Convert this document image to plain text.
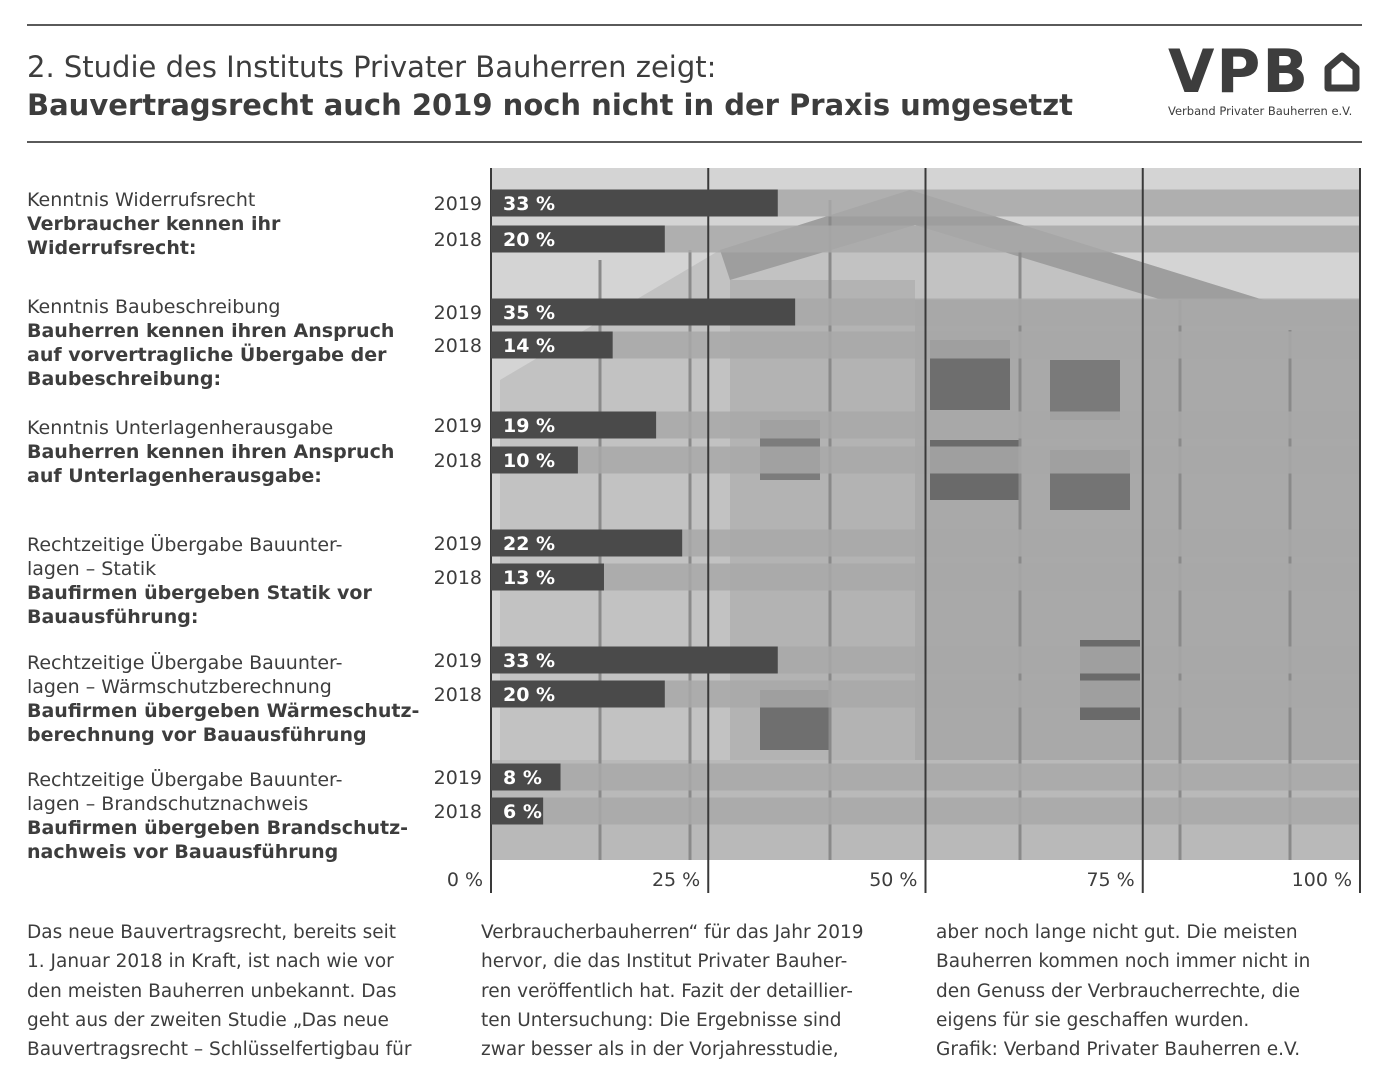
2. Studie des Instituts Privater Bauherren zeigt:
Bauvertragsrecht auch 2019 noch nicht in der Praxis umgesetzt VPB
Verband Privater Bauherren e.V.
33 %
20 %
35 %
14 %
19 %
10 %
22 %
13 %
33 %
20 %
8 %
6 %
2019
2018
2019
2018
2019
2018
2019
2018
2019
2018
2019
2018
0 %	25 %	50 %	75 %	100 %
Kenntnis Widerrufsrecht
Verbraucher kennen ihr
Widerrufsrecht:
Kenntnis Baubeschreibung
Bauherren kennen ihren Anspruch
auf vorvertragliche Übergabe der
Baubeschreibung:
Kenntnis Unterlagenherausgabe
Bauherren kennen ihren Anspruch
auf Unterlagenherausgabe:
Rechtzeitige Übergabe Bauunter-
lagen – Statik
Baufirmen übergeben Statik vor
Bauausführung:
Rechtzeitige Übergabe Bauunter-
lagen – Wärmschutzberechnung
Baufirmen übergeben Wärmeschutz-
berechnung vor Bauausführung
Rechtzeitige Übergabe Bauunter-
lagen – Brandschutznachweis
Baufirmen übergeben Brandschutz-
nachweis vor Bauausführung
Das neue Bauvertragsrecht, bereits seit
1. Januar 2018 in Kraft, ist nach wie vor
den meisten Bauherren unbekannt. Das
geht aus der zweiten Studie „Das neue
Bauvertragsrecht – Schlüsselfertigbau für
Verbraucherbauherren“ für das Jahr 2019
hervor, die das Institut Privater Bauher-
ren veröffentlich hat. Fazit der detaillier-
ten Untersuchung: Die Ergebnisse sind
zwar besser als in der Vorjahresstudie,
aber noch lange nicht gut. Die meisten
Bauherren kommen noch immer nicht in
den Genuss der Verbraucherrechte, die
eigens für sie geschaffen wurden.
Grafik: Verband Privater Bauherren e.V.
